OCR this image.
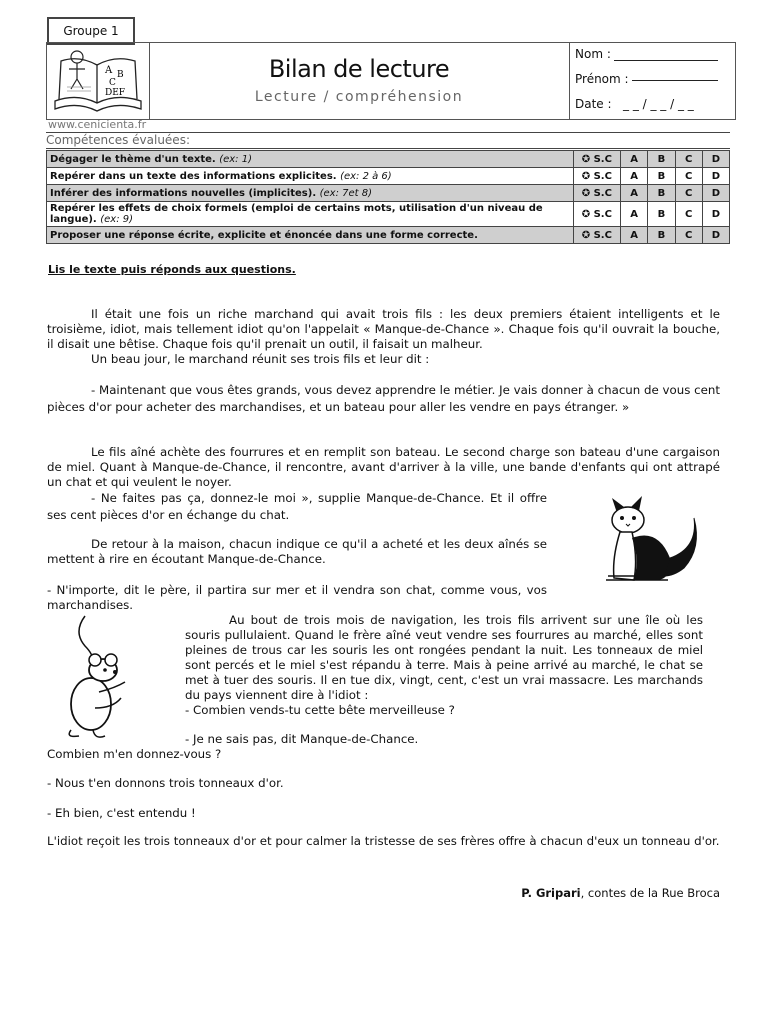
Groupe 1
A B
C
DEF
Bilan de lecture
Lecture / compréhension
Nom :
Prénom :
Date : _ _ / _ _ / _ _
www.cenicienta.fr
Compétences évaluées:
Dégager le thème d'un texte. (ex: 1)	✪ S.C	A	B	C	D
Repérer dans un texte des informations explicites. (ex: 2 à 6)	✪ S.C	A	B	C	D
Inférer des informations nouvelles (implicites). (ex: 7et 8)	✪ S.C	A	B	C	D
Repérer les effets de choix formels (emploi de certains mots, utilisation d'un niveau de langue). (ex: 9)	✪ S.C	A	B	C	D
Proposer une réponse écrite, explicite et énoncée dans une forme correcte.	✪ S.C	A	B	C	D
Lis le texte puis réponds aux questions.

Il était une fois un riche marchand qui avait trois fils : les deux premiers étaient intelligents et le troisième, idiot, mais tellement idiot qu'on l'appelait « Manque-de-Chance ». Chaque fois qu'il ouvrait la bouche, il disait une bêtise. Chaque fois qu'il prenait un outil, il faisait un malheur.

Un beau jour, le marchand réunit ses trois fils et leur dit :

- Maintenant que vous êtes grands, vous devez apprendre le métier. Je vais donner à chacun de vous cent pièces d'or pour acheter des marchandises, et un bateau pour aller les vendre en pays étranger. »

Le fils aîné achète des fourrures et en remplit son bateau. Le second charge son bateau d'une cargaison de miel. Quant à Manque-de-Chance, il rencontre, avant d'arriver à la ville, une bande d'enfants qui ont attrapé un chat et qui veulent le noyer.

- Ne faites pas ça, donnez-le moi », supplie Manque-de-Chance. Et il offre ses cent pièces d'or en échange du chat.

De retour à la maison, chacun indique ce qu'il a acheté et les deux aînés se mettent à rire en écoutant Manque-de-Chance.

- N'importe, dit le père, il partira sur mer et il vendra son chat, comme vous, vos marchandises.

Au bout de trois mois de navigation, les trois fils arrivent sur une île où les souris pullulaient. Quand le frère aîné veut vendre ses fourrures au marché, elles sont pleines de trous car les souris les ont rongées pendant la nuit. Les tonneaux de miel sont percés et le miel s'est répandu à terre. Mais à peine arrivé au marché, le chat se met à tuer des souris. Il en tue dix, vingt, cent, c'est un vrai massacre. Les marchands du pays viennent dire à l'idiot :

- Combien vends-tu cette bête merveilleuse ?

- Je ne sais pas, dit Manque-de-Chance.

Combien m'en donnez-vous ?

- Nous t'en donnons trois tonneaux d'or.

- Eh bien, c'est entendu !

L'idiot reçoit les trois tonneaux d'or et pour calmer la tristesse de ses frères offre à chacun d'eux un tonneau d'or.

P. Gripari, contes de la Rue Broca
